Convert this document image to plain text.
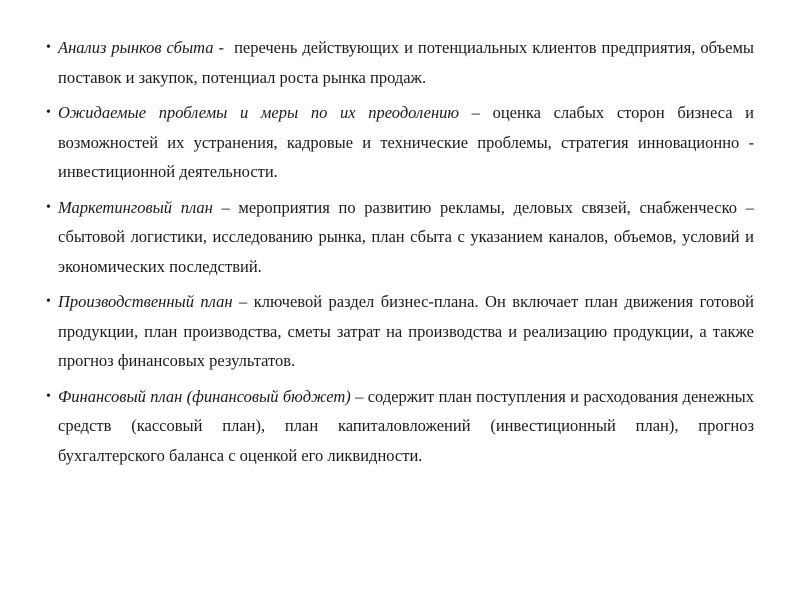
• Анализ рынков сбыта -  перечень действующих и потенциальных клиентов предприятия, объемы поставок и закупок, потенциал роста рынка продаж.
• Ожидаемые проблемы и меры по их преодолению – оценка слабых сторон бизнеса и возможностей их устранения, кадровые и технические проблемы, стратегия инновационно - инвестиционной деятельности.
• Маркетинговый план – мероприятия по развитию рекламы, деловых связей, снабженческо – сбытовой логистики, исследованию рынка, план сбыта с указанием каналов, объемов, условий и экономических последствий.
• Производственный план – ключевой раздел бизнес-плана. Он включает план движения готовой продукции, план производства, сметы затрат на производства и реализацию продукции, а также прогноз финансовых результатов.
• Финансовый план (финансовый бюджет) – содержит план поступления и расходования денежных средств (кассовый план), план капиталовложений (инвестиционный план), прогноз бухгалтерского баланса с оценкой его ликвидности.
